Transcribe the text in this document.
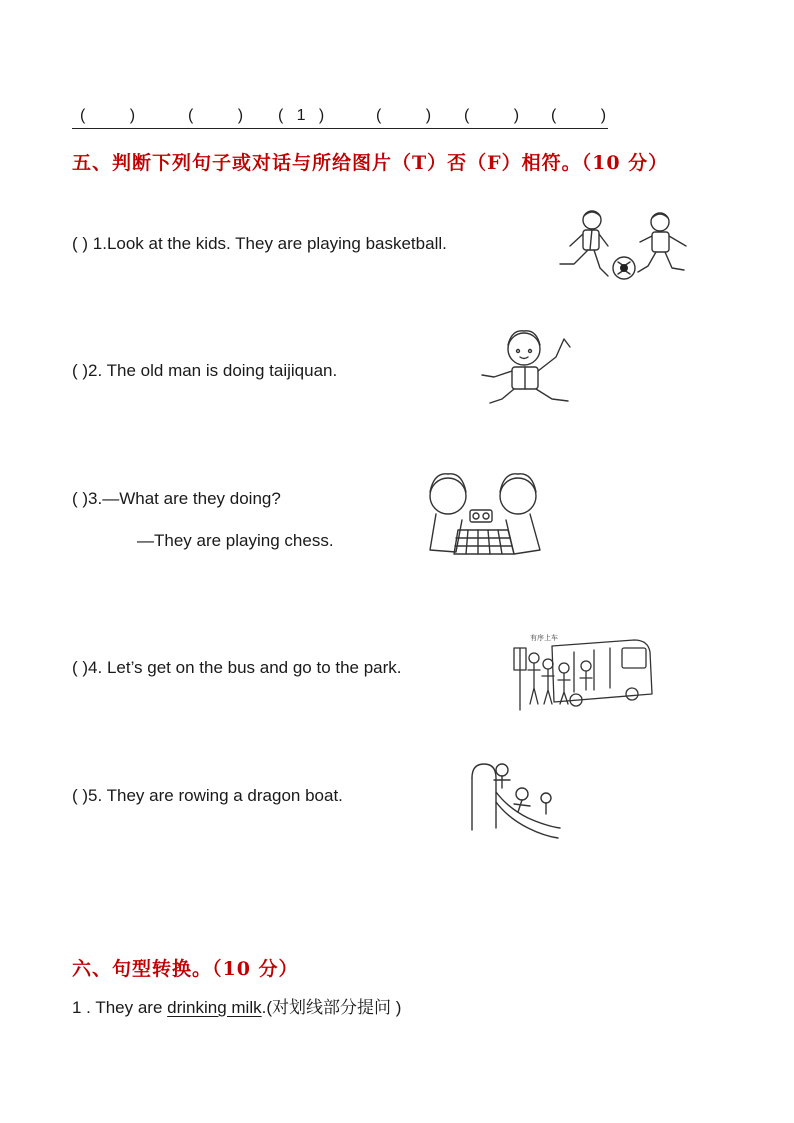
(          )	(          ) (   1   )	(          ) (          ) (          )
五、判断下列句子或对话与所给图片（T）否（F）相符。（10 分）
( ) 1.Look at the kids. They are playing basketball.
( )2. The old man is doing taijiquan.
( )3.—What are they doing?
—They are playing chess.
( )4. Let’s get on the bus and go to the park.
有序上车
( )5. They are rowing a dragon boat.
六、句型转换。（10 分）
1 . They are drinking milk.(对划线部分提问 )
